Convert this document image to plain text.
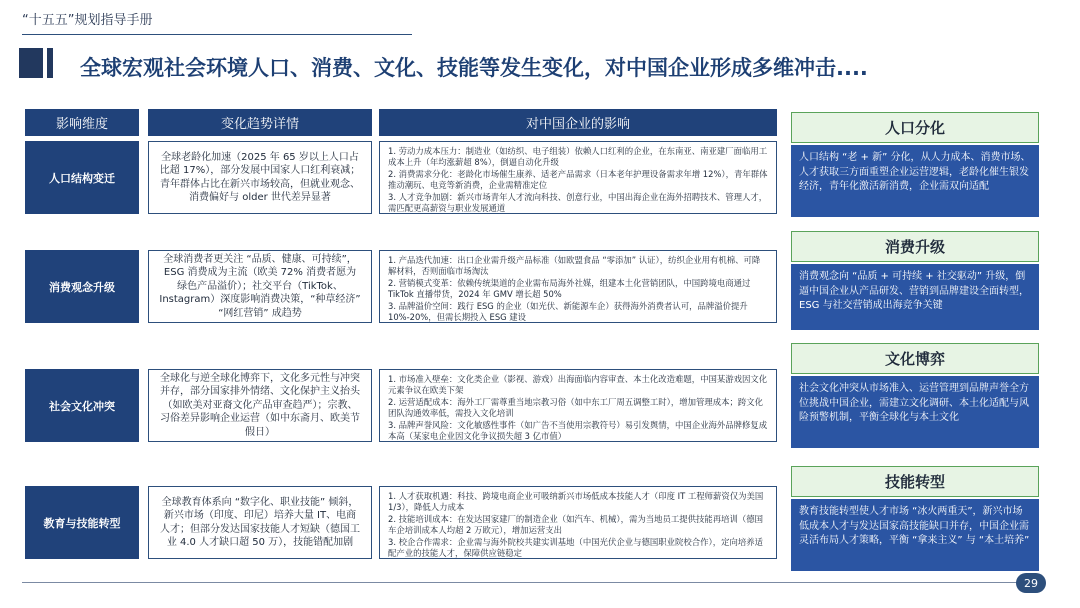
“十五五”规划指导手册
全球宏观社会环境人口、消费、文化、技能等发生变化，对中国企业形成多维冲击....
影响维度	变化趋势详情	对中国企业的影响
人口结构变迁
全球老龄化加速（2025 年 65 岁以上人口占比超 17%），部分发展中国家人口红利衰减；青年群体占比在新兴市场较高，但就业观念、消费偏好与 older 世代差异显著
1. 劳动力成本压力：制造业（如纺织、电子组装）依赖人口红利的企业，在东南亚、南亚建厂面临用工成本上升（年均涨薪超 8%），倒逼自动化升级
2. 消费需求分化：老龄化市场催生康养、适老产品需求（日本老年护理设备需求年增 12%），青年群体推动潮玩、电竞等新消费，企业需精准定位
3. 人才竞争加剧：新兴市场青年人才流向科技、创意行业，中国出海企业在海外招聘技术、管理人才，需匹配更高薪资与职业发展通道
消费观念升级
全球消费者更关注 “品质、健康、可持续”，ESG 消费成为主流（欧美 72% 消费者愿为绿色产品溢价）；社交平台（TikTok、Instagram）深度影响消费决策，“种草经济” “网红营销” 成趋势
1. 产品迭代加速：出口企业需升级产品标准（如欧盟食品 “零添加” 认证），纺织企业用有机棉、可降解材料，否则面临市场淘汰
2. 营销模式变革：依赖传统渠道的企业需布局海外社媒，组建本土化营销团队，中国跨境电商通过 TikTok 直播带货，2024 年 GMV 增长超 50%
3. 品牌溢价空间：践行 ESG 的企业（如光伏、新能源车企）获得海外消费者认可，品牌溢价提升 10%-20%，但需长期投入 ESG 建设
社会文化冲突
全球化与逆全球化博弈下，文化多元性与冲突并存，部分国家排外情绪、文化保护主义抬头（如欧美对亚裔文化产品审查趋严）；宗教、习俗差异影响企业运营（如中东斋月、欧美节假日）
1. 市场准入壁垒：文化类企业（影视、游戏）出海面临内容审查、本土化改造难题，中国某游戏因文化元素争议在欧美下架
2. 运营适配成本：海外工厂需尊重当地宗教习俗（如中东工厂周五调整工时），增加管理成本；跨文化团队沟通效率低，需投入文化培训
3. 品牌声誉风险：文化敏感性事件（如广告不当使用宗教符号）易引发舆情，中国企业海外品牌修复成本高（某家电企业因文化争议损失超 3 亿市值）
教育与技能转型
全球教育体系向 “数字化、职业技能” 倾斜，新兴市场（印度、印尼）培养大量 IT、电商人才；但部分发达国家技能人才短缺（德国工业 4.0 人才缺口超 50 万），技能错配加剧
1. 人才获取机遇：科技、跨境电商企业可吸纳新兴市场低成本技能人才（印度 IT 工程师薪资仅为美国 1/3），降低人力成本
2. 技能培训成本：在发达国家建厂的制造企业（如汽车、机械），需为当地员工提供技能再培训（德国车企培训成本人均超 2 万欧元），增加运营支出
3. 校企合作需求：企业需与海外院校共建实训基地（中国光伏企业与德国职业院校合作），定向培养适配产业的技能人才，保障供应链稳定
人口分化
人口结构 “老 + 新” 分化，从人力成本、消费市场、人才获取三方面重塑企业运营逻辑，老龄化催生银发经济，青年化激活新消费，企业需双向适配
消费升级
消费观念向 “品质 + 可持续 + 社交驱动” 升级，倒逼中国企业从产品研发、营销到品牌建设全面转型，ESG 与社交营销成出海竞争关键
文化博弈
社会文化冲突从市场准入、运营管理到品牌声誉全方位挑战中国企业，需建立文化调研、本土化适配与风险预警机制，平衡全球化与本土文化
技能转型
教育技能转型使人才市场 “冰火两重天”，新兴市场低成本人才与发达国家高技能缺口并存，中国企业需灵活布局人才策略，平衡 “拿来主义” 与 “本土培养”
29
